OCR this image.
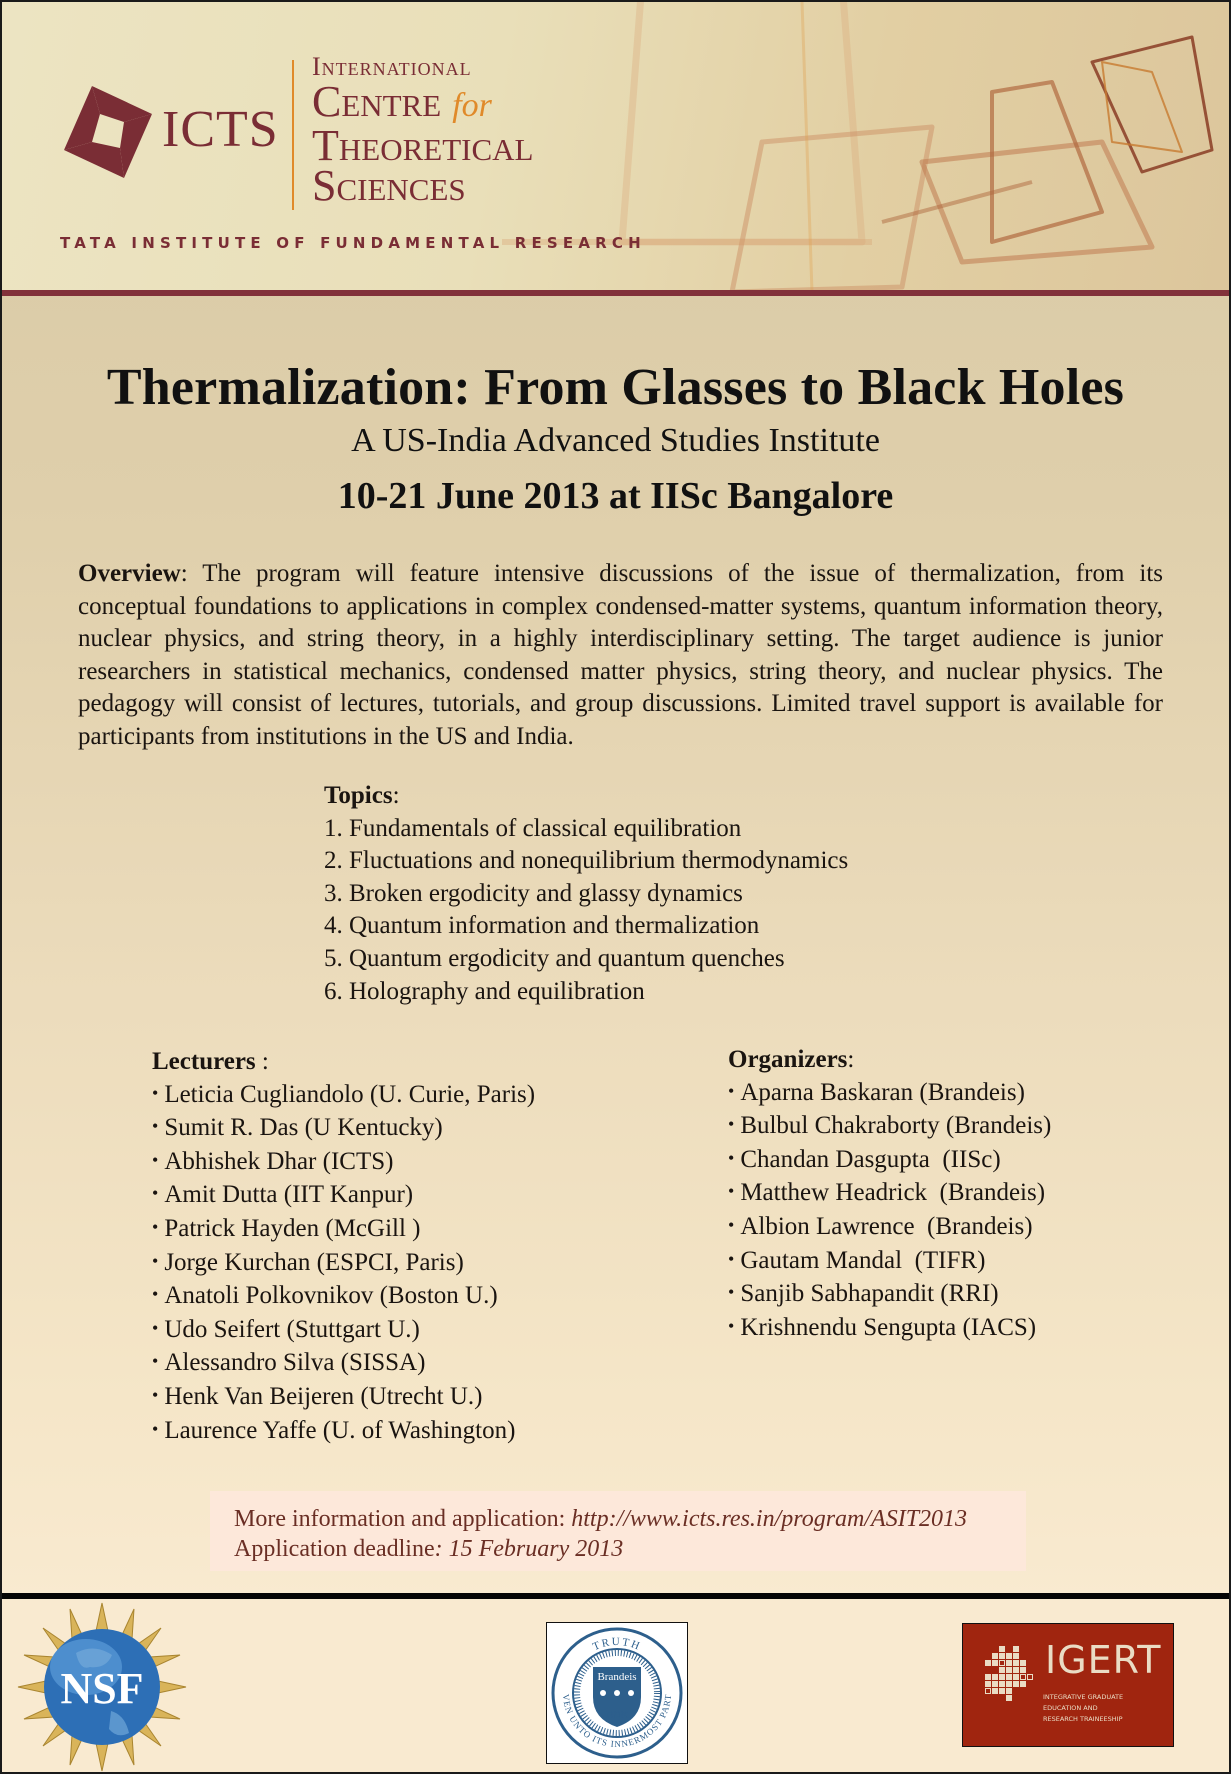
ICTS
International
Centre for
Theoretical
Sciences
TATA INSTITUTE OF FUNDAMENTAL RESEARCH
Thermalization: From Glasses to Black Holes
A US-India Advanced Studies Institute
10-21 June 2013 at IISc Bangalore
Overview: The program will feature intensive discussions of the issue of thermalization, from its conceptual foundations to applications in complex condensed-matter systems, quantum information theory, nuclear physics, and string theory, in a highly interdisciplinary setting. The target audience is junior researchers in statistical mechanics, condensed matter physics, string theory, and nuclear physics. The pedagogy will consist of lectures, tutorials, and group discussions. Limited travel support is available for participants from institutions in the US and India.
Topics:
1. Fundamentals of classical equilibration
2. Fluctuations and nonequilibrium thermodynamics
3. Broken ergodicity and glassy dynamics
4. Quantum information and thermalization
5. Quantum ergodicity and quantum quenches
6. Holography and equilibration
Lecturers :
• Leticia Cugliandolo (U. Curie, Paris)
• Sumit R. Das (U Kentucky)
• Abhishek Dhar (ICTS)
• Amit Dutta (IIT Kanpur)
• Patrick Hayden (McGill )
• Jorge Kurchan (ESPCI, Paris)
• Anatoli Polkovnikov (Boston U.)
• Udo Seifert (Stuttgart U.)
• Alessandro Silva (SISSA)
• Henk Van Beijeren (Utrecht U.)
• Laurence Yaffe (U. of Washington)
Organizers:
• Aparna Baskaran (Brandeis)
• Bulbul Chakraborty (Brandeis)
• Chandan Dasgupta  (IISc)
• Matthew Headrick  (Brandeis)
• Albion Lawrence  (Brandeis)
• Gautam Mandal  (TIFR)
• Sanjib Sabhapandit (RRI)
• Krishnendu Sengupta (IACS)
More information and application: http://www.icts.res.in/program/ASIT2013
Application deadline: 15 February 2013
NSF
TRUTH
VEN UNTO ITS INNERMOST PART
Brandeis
אמת
IGERT
INTEGRATIVE GRADUATE
EDUCATION AND
RESEARCH TRAINEESHIP
